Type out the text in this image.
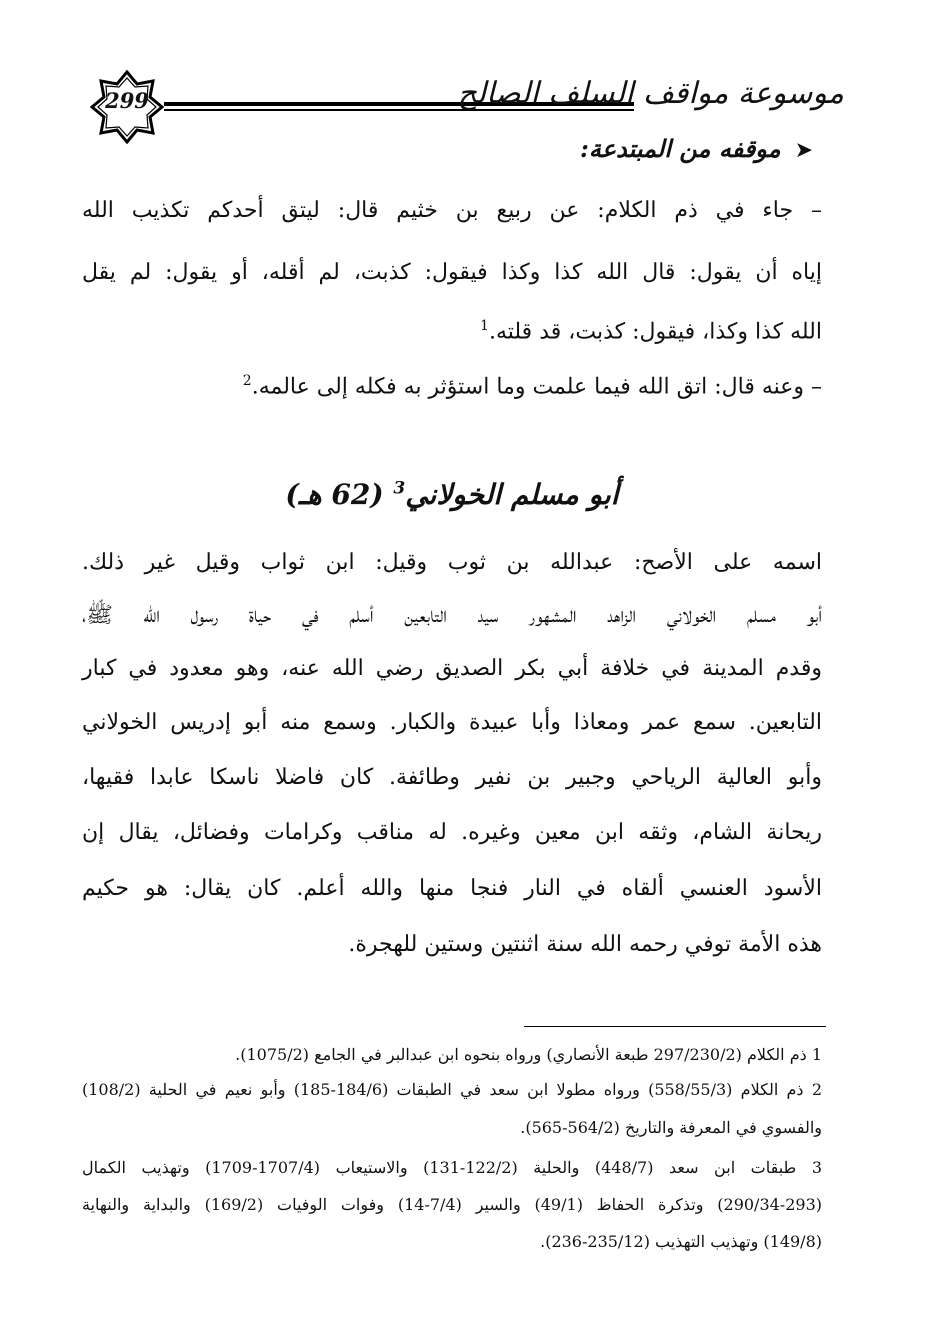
299	موسوعة مواقف السلف الصالح
➤موقفه من المبتدعة:
– جاء في ذم الكلام: عن ربيع بن خثيم قال: ليتق أحدكم تكذيب الله
إياه أن يقول: قال الله كذا وكذا فيقول: كذبت، لم أقله، أو يقول: لم يقل
الله كذا وكذا، فيقول: كذبت، قد قلته.$^1$
– وعنه قال: اتق الله فيما علمت وما استؤثر به فكله إلى عالمه.$^2$
أبو مسلم الخولاني$^3$ (62 هـ)
اسمه على الأصح: عبدالله بن ثوب وقيل: ابن ثواب وقيل غير ذلك.
أبو مسلم الخولاني الزاهد المشهور سيد التابعين أسلم في حياة رسول الله ﷺ،
وقدم المدينة في خلافة أبي بكر الصديق رضي الله عنه، وهو معدود في كبار
التابعين. سمع عمر ومعاذا وأبا عبيدة والكبار. وسمع منه أبو إدريس الخولاني
وأبو العالية الرياحي وجبير بن نفير وطائفة. كان فاضلا ناسكا عابدا فقيها،
ريحانة الشام، وثقه ابن معين وغيره. له مناقب وكرامات وفضائل، يقال إن
الأسود العنسي ألقاه في النار فنجا منها والله أعلم. كان يقال: هو حكيم
هذه الأمة توفي رحمه الله سنة اثنتين وستين للهجرة.
1 ذم الكلام (297/230/2 طبعة الأنصاري) ورواه بنحوه ابن عبدالبر في الجامع (1075/2).
2 ذم الكلام (558/55/3) ورواه مطولا ابن سعد في الطبقات (184/6-185) وأبو نعيم في الحلية (108/2)
والفسوي في المعرفة والتاريخ (564/2-565).
3 طبقات ابن سعد (448/7) والحلية (122/2-131) والاستيعاب (1707/4-1709) وتهذيب الكمال
(290/34-293) وتذكرة الحفاظ (49/1) والسير (7/4-14) وفوات الوفيات (169/2) والبداية والنهاية
(149/8) وتهذيب التهذيب (235/12-236).
